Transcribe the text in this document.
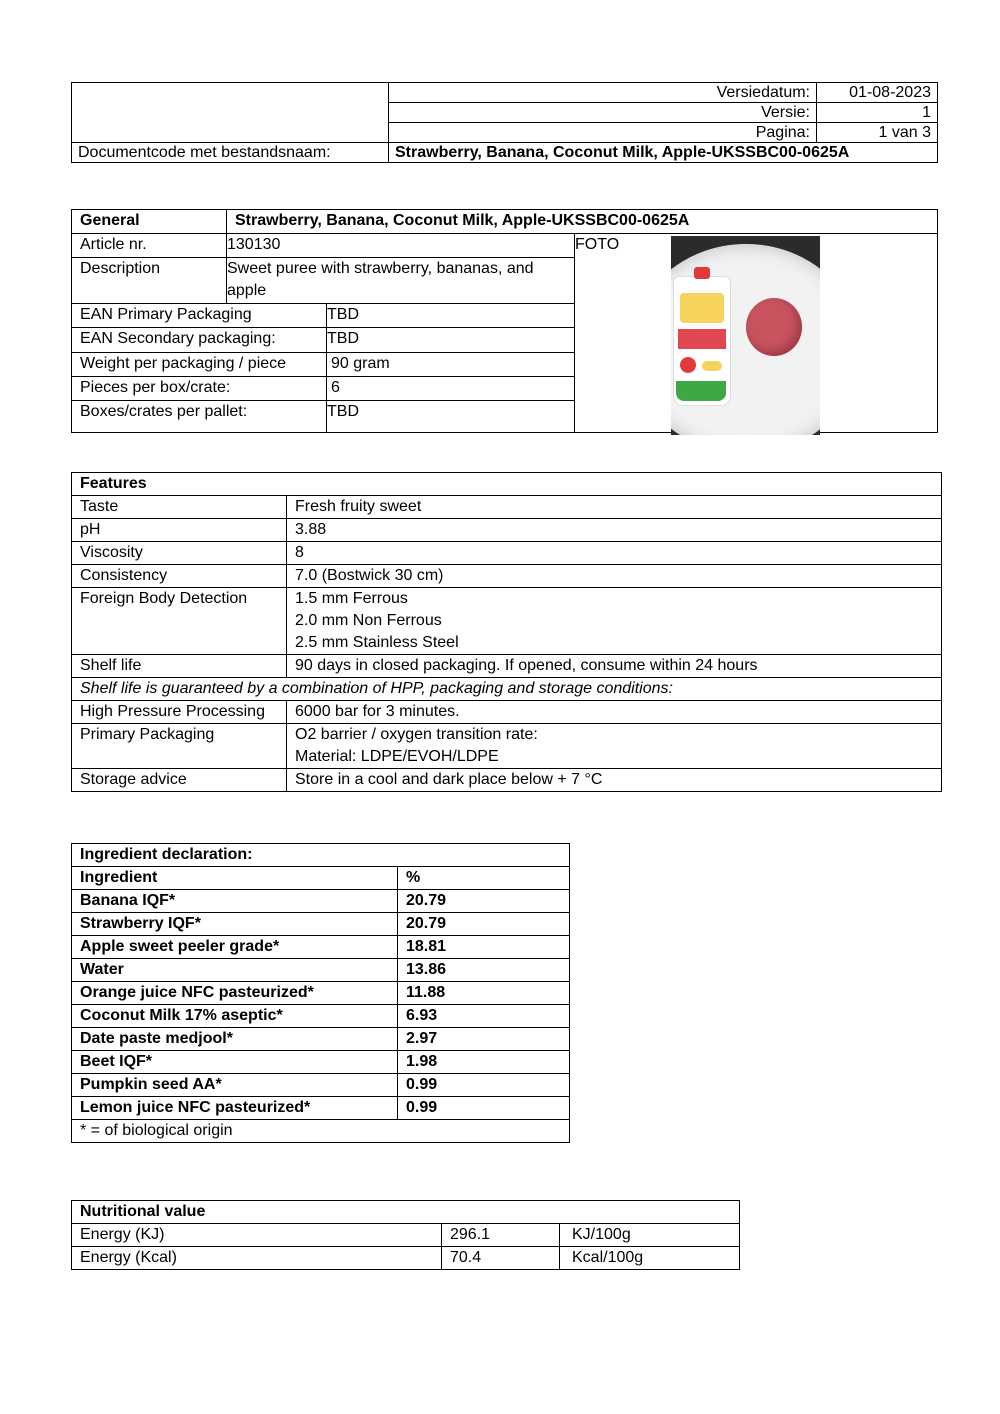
	Versiedatum:	01-08-2023
	Versie:	1
	Pagina:	1 van 3
Documentcode met bestandsnaam:	Strawberry, Banana, Coconut Milk, Apple-UKSSBC00-0625A	
General	Strawberry, Banana, Coconut Milk, Apple-UKSSBC00-0625A		
Article nr.	130130		FOTO

Description	Sweet puree with strawberry, bananas, and apple		
EAN Primary Packaging		TBD	
EAN Secondary packaging:		TBD	
Weight per packaging / piece		90 gram	
Pieces per box/crate:		6	
Boxes/crates per pallet:		TBD	
Features	
Taste	Fresh fruity sweet
pH	3.88
Viscosity	8
Consistency	7.0 (Bostwick 30 cm)
Foreign Body Detection	1.5 mm Ferrous
2.0 mm Non Ferrous
2.5 mm Stainless Steel

Shelf life	90 days in closed packaging. If opened, consume within 24 hours
Shelf life is guaranteed by a combination of HPP, packaging and storage conditions:	
High Pressure Processing	6000 bar for 3 minutes.
Primary Packaging	O2 barrier / oxygen transition rate:
Material: LDPE/EVOH/LDPE

Storage advice	Store in a cool and dark place below + 7 °C
Ingredient declaration:	
Ingredient	%
Banana IQF*	20.79
Strawberry IQF*	20.79
Apple sweet peeler grade*	18.81
Water	13.86
Orange juice NFC pasteurized*	11.88
Coconut Milk 17% aseptic*	6.93
Date paste medjool*	2.97
Beet IQF*	1.98
Pumpkin seed AA*	0.99
Lemon juice NFC pasteurized*	0.99
* = of biological origin	
Nutritional value		
Energy (KJ)	296.1	KJ/100g
Energy (Kcal)	70.4	Kcal/100g
